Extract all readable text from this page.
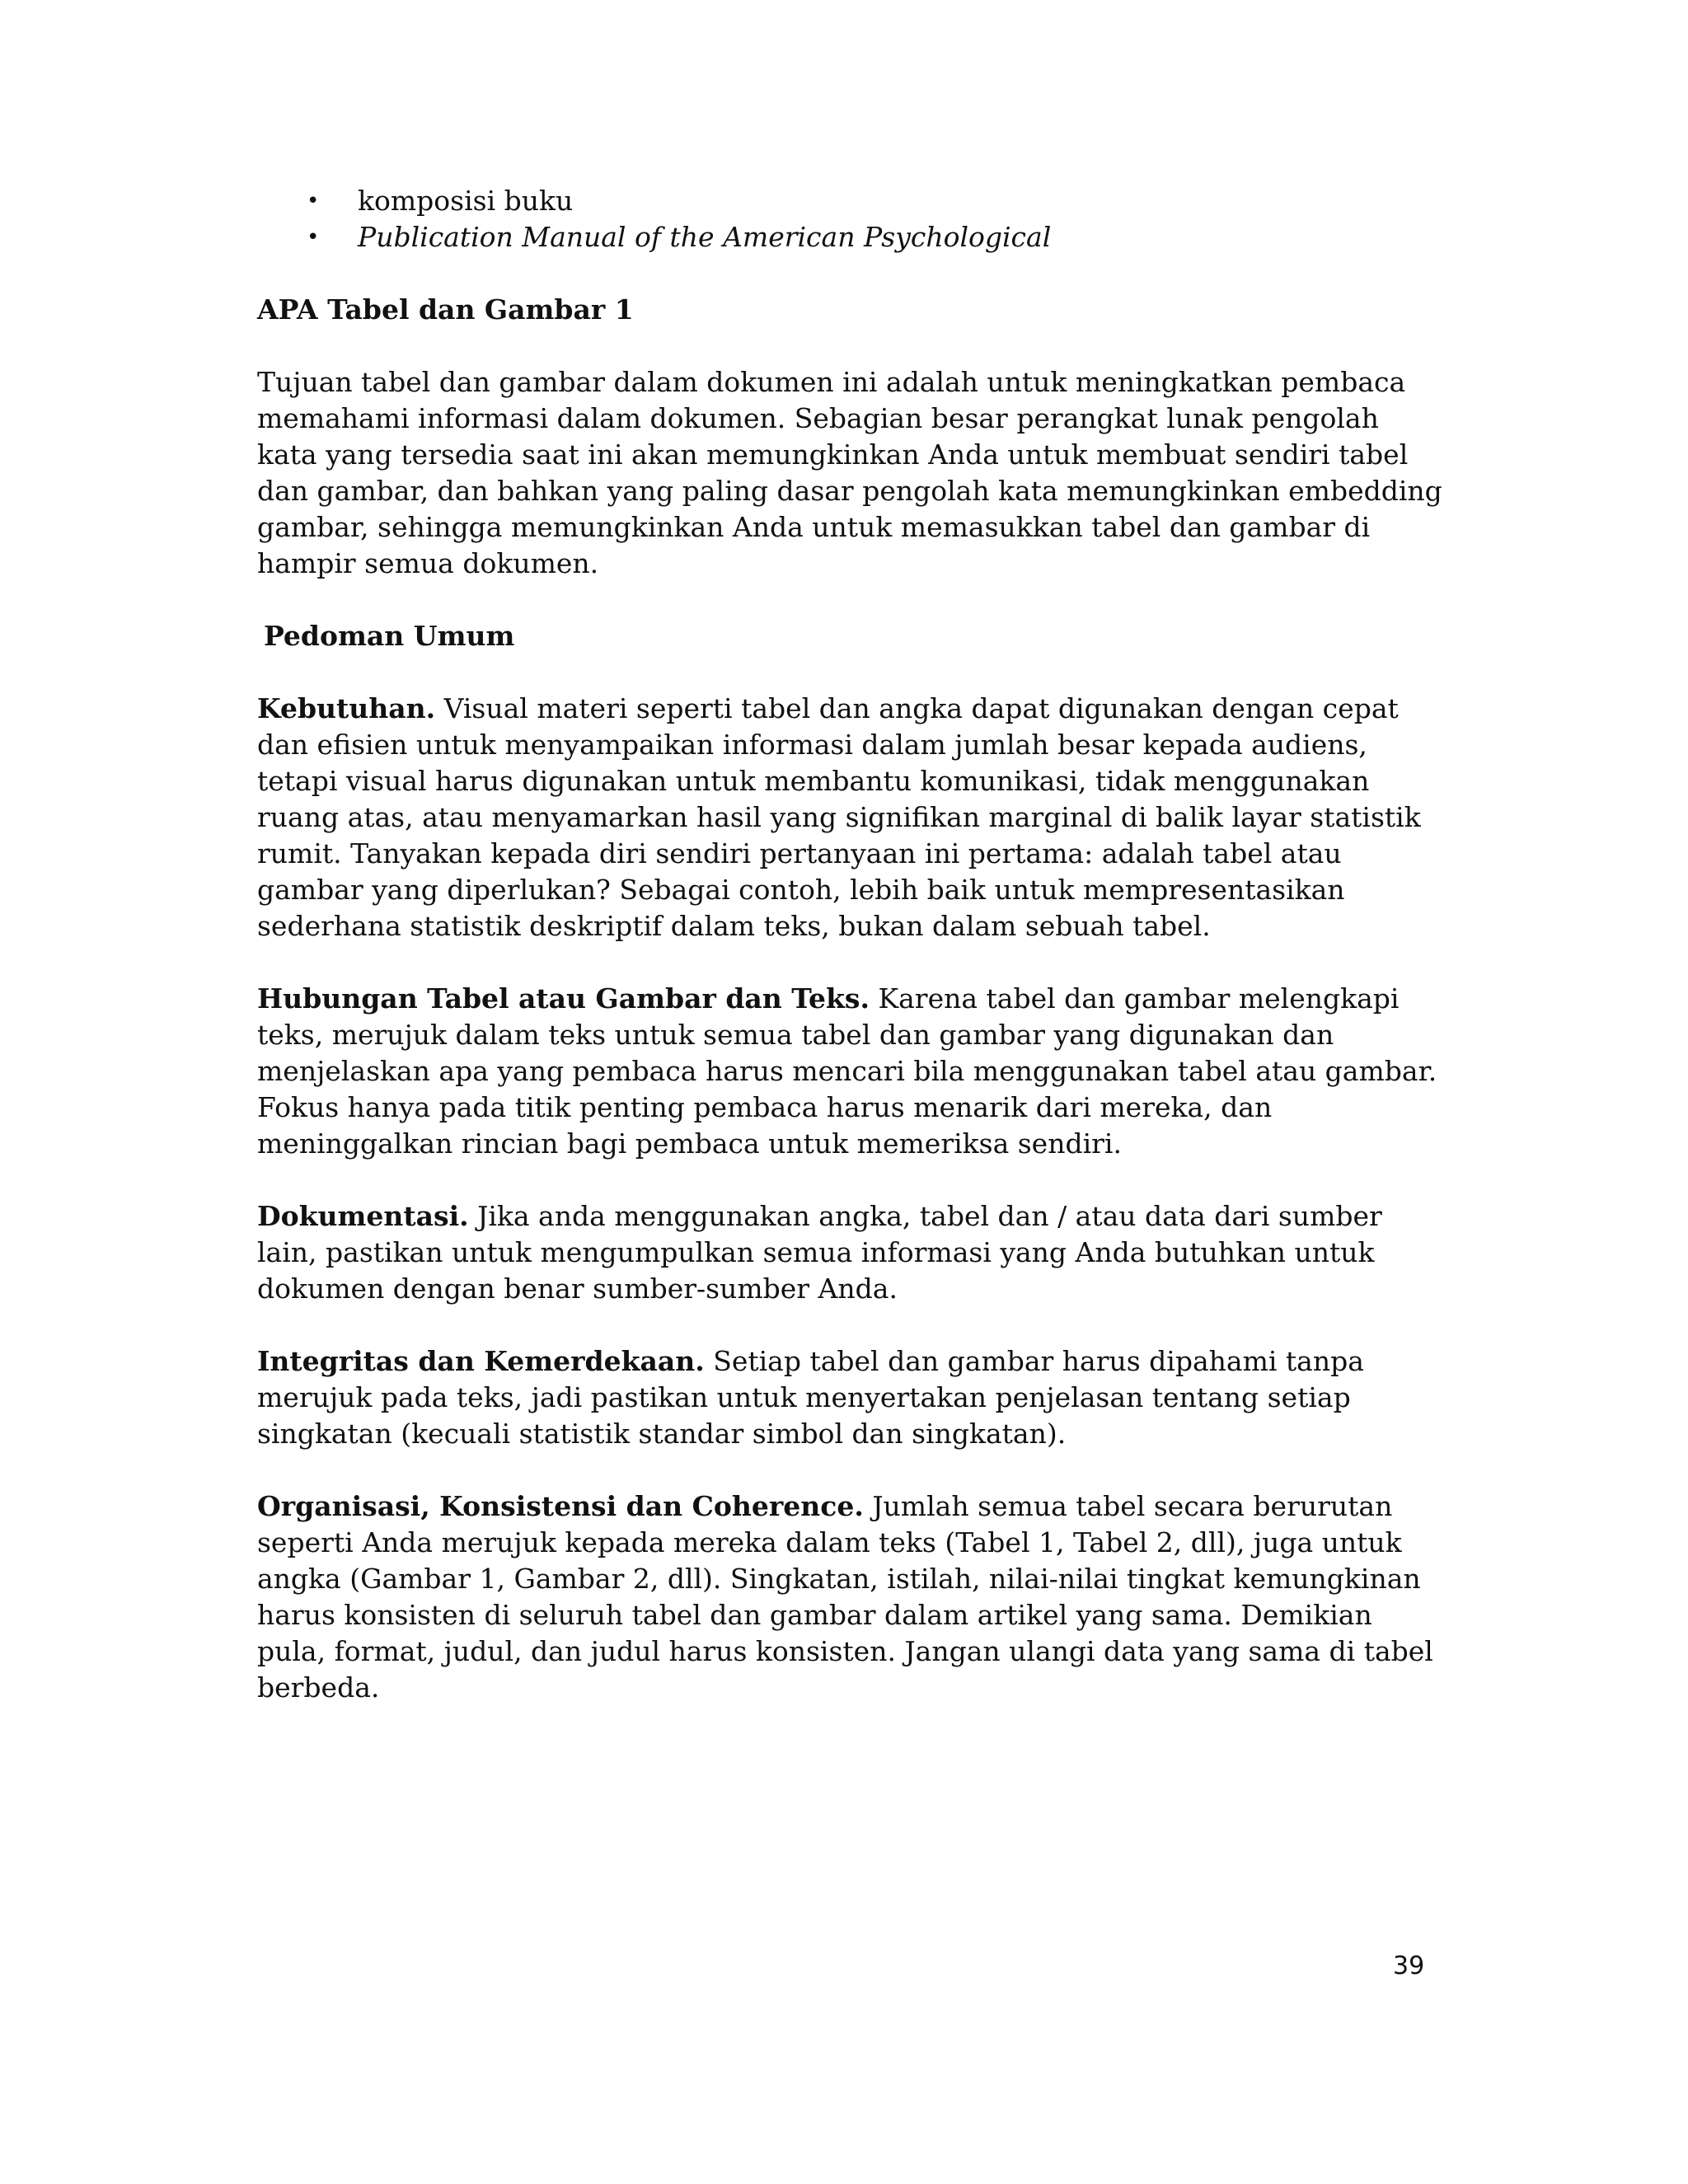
• komposisi buku
• Publication Manual of the American Psychological
APA Tabel dan Gambar 1

Tujuan tabel dan gambar dalam dokumen ini adalah untuk meningkatkan pembaca memahami informasi dalam dokumen. Sebagian besar perangkat lunak pengolah kata yang tersedia saat ini akan memungkinkan Anda untuk membuat sendiri tabel dan gambar, dan bahkan yang paling dasar pengolah kata memungkinkan embedding gambar, sehingga memungkinkan Anda untuk memasukkan tabel dan gambar di hampir semua dokumen.

Pedoman Umum

Kebutuhan. Visual materi seperti tabel dan angka dapat digunakan dengan cepat dan efisien untuk menyampaikan informasi dalam jumlah besar kepada audiens, tetapi visual harus digunakan untuk membantu komunikasi, tidak menggunakan ruang atas, atau menyamarkan hasil yang signifikan marginal di balik layar statistik rumit. Tanyakan kepada diri sendiri pertanyaan ini pertama: adalah tabel atau gambar yang diperlukan? Sebagai contoh, lebih baik untuk mempresentasikan sederhana statistik deskriptif dalam teks, bukan dalam sebuah tabel.

Hubungan Tabel atau Gambar dan Teks. Karena tabel dan gambar melengkapi teks, merujuk dalam teks untuk semua tabel dan gambar yang digunakan dan menjelaskan apa yang pembaca harus mencari bila menggunakan tabel atau gambar. Fokus hanya pada titik penting pembaca harus menarik dari mereka, dan meninggalkan rincian bagi pembaca untuk memeriksa sendiri.

Dokumentasi. Jika anda menggunakan angka, tabel dan / atau data dari sumber lain, pastikan untuk mengumpulkan semua informasi yang Anda butuhkan untuk dokumen dengan benar sumber-sumber Anda.

Integritas dan Kemerdekaan. Setiap tabel dan gambar harus dipahami tanpa merujuk pada teks, jadi pastikan untuk menyertakan penjelasan tentang setiap singkatan (kecuali statistik standar simbol dan singkatan).

Organisasi, Konsistensi dan Coherence. Jumlah semua tabel secara berurutan seperti Anda merujuk kepada mereka dalam teks (Tabel 1, Tabel 2, dll), juga untuk angka (Gambar 1, Gambar 2, dll). Singkatan, istilah, nilai-nilai tingkat kemungkinan harus konsisten di seluruh tabel dan gambar dalam artikel yang sama. Demikian pula, format, judul, dan judul harus konsisten. Jangan ulangi data yang sama di tabel berbeda.

39
